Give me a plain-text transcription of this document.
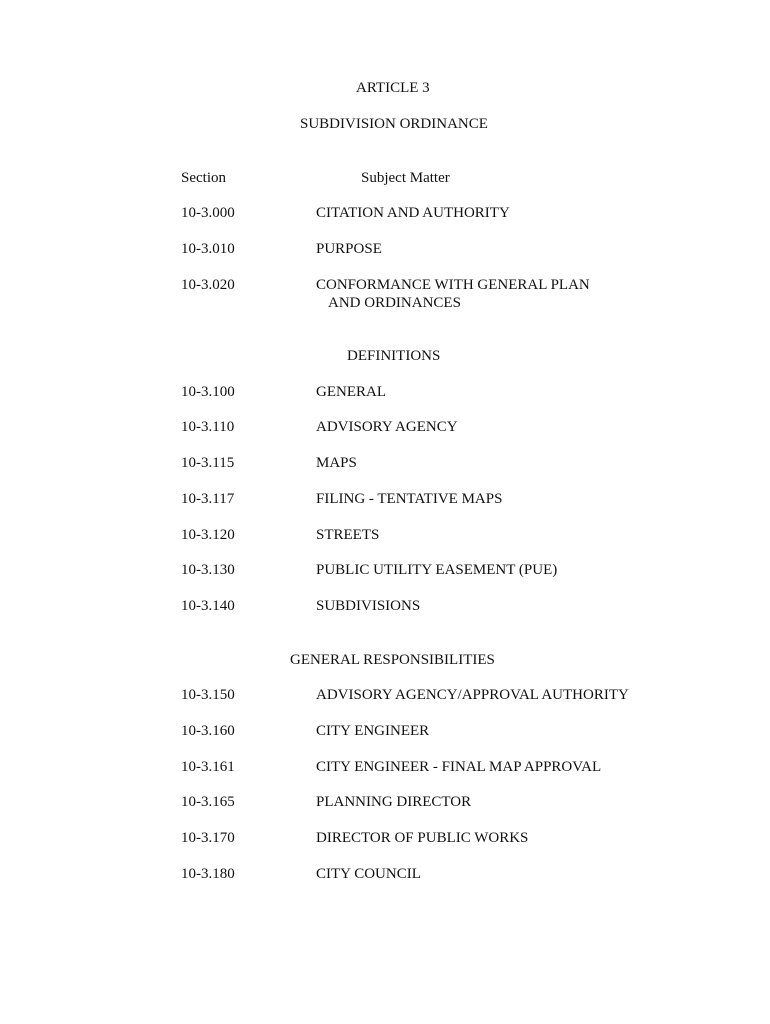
ARTICLE 3
SUBDIVISION ORDINANCE
Section	Subject Matter
10-3.000	CITATION AND AUTHORITY
10-3.010	PURPOSE
10-3.020	CONFORMANCE WITH GENERAL PLAN
AND ORDINANCES
DEFINITIONS
10-3.100	GENERAL
10-3.110	ADVISORY AGENCY
10-3.115	MAPS
10-3.117	FILING - TENTATIVE MAPS
10-3.120	STREETS
10-3.130	PUBLIC UTILITY EASEMENT (PUE)
10-3.140	SUBDIVISIONS
GENERAL RESPONSIBILITIES
10-3.150	ADVISORY AGENCY/APPROVAL AUTHORITY
10-3.160	CITY ENGINEER
10-3.161	CITY ENGINEER - FINAL MAP APPROVAL
10-3.165	PLANNING DIRECTOR
10-3.170	DIRECTOR OF PUBLIC WORKS
10-3.180	CITY COUNCIL
